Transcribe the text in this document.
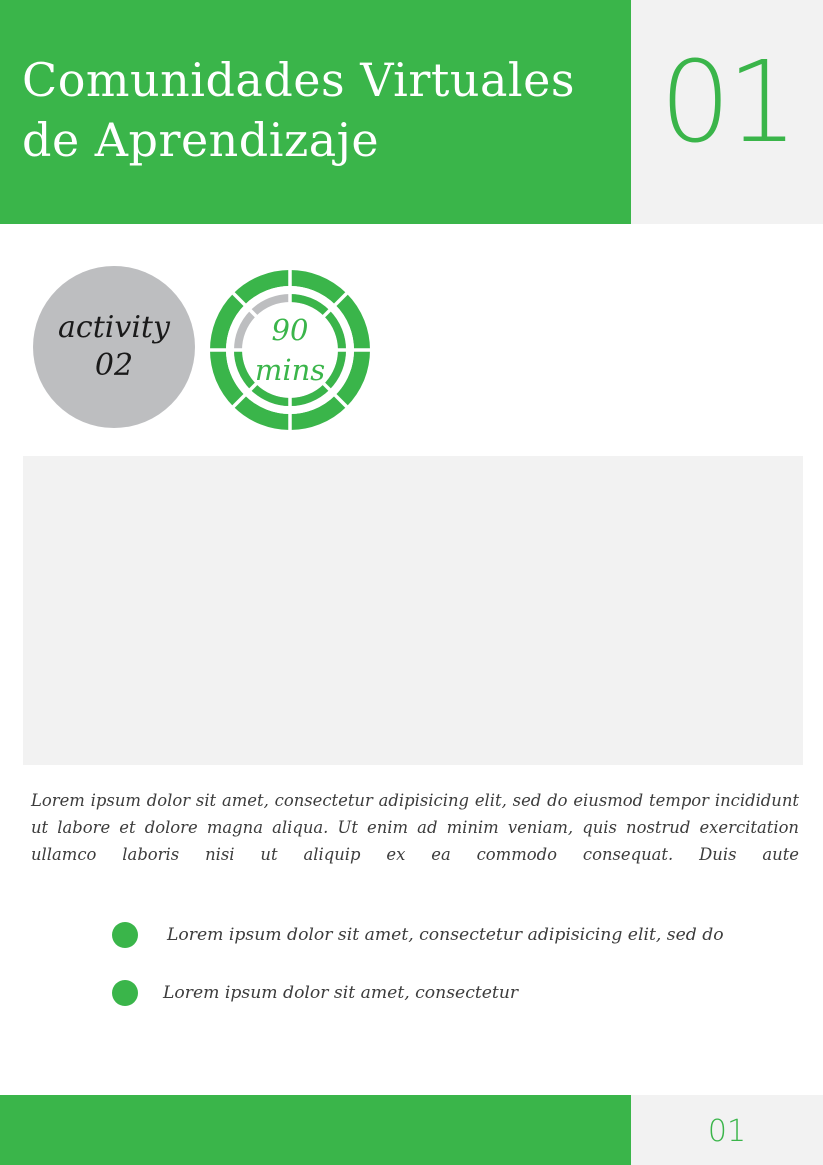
Comunidades Virtuales
de Aprendizaje	01
activity
02
90
mins

Lorem ipsum dolor sit amet, consectetur adipisicing elit, sed do eiusmod tempor incididunt ut labore et dolore magna aliqua. Ut enim ad minim veniam, quis nostrud exercitation ullamco laboris nisi ut aliquip ex ea commodo consequat. Duis aute

Lorem ipsum dolor sit amet, consectetur adipisicing elit, sed do
Lorem ipsum dolor sit amet, consectetur
01
